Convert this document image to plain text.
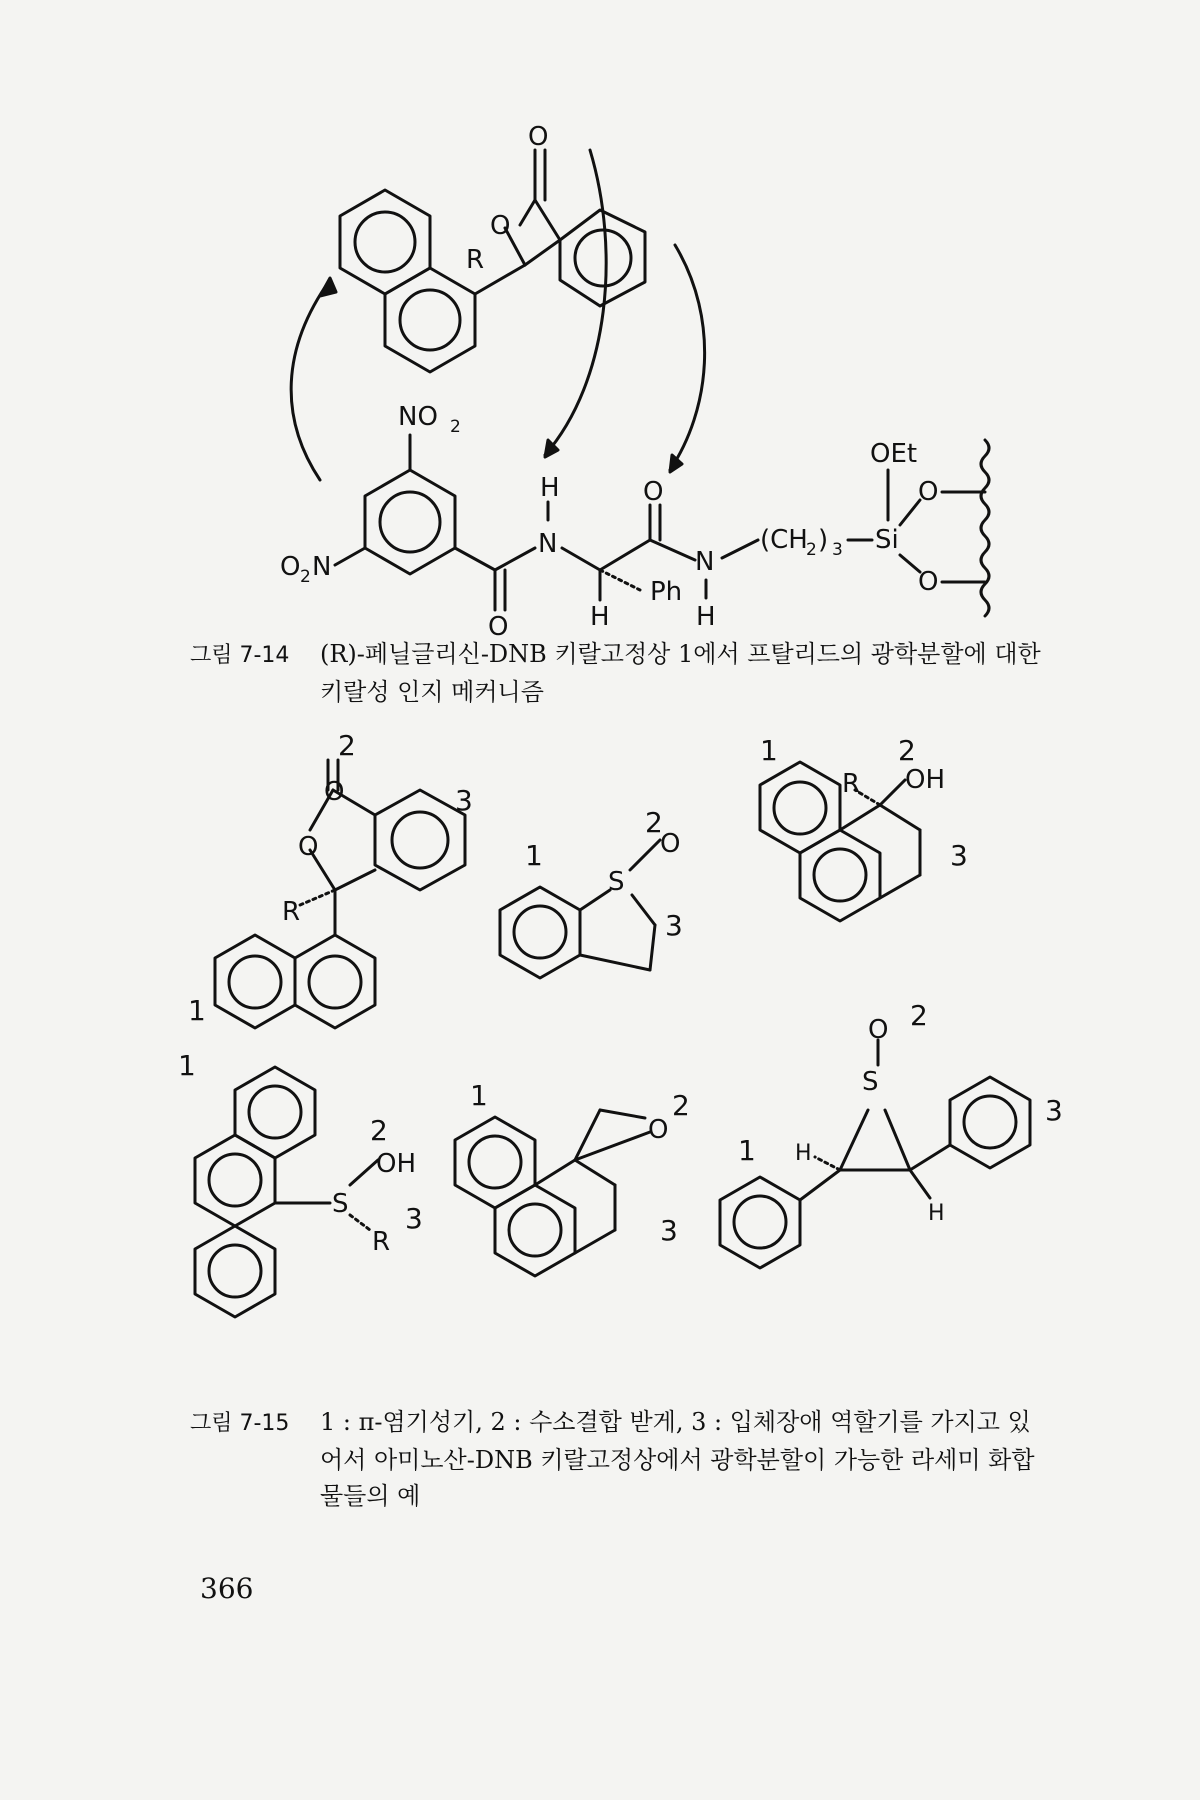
O
O
R
NO 2
O 2 N
O
H
N
H
Ph
O
N
H
(CH
2 ) 3 Si
OEt
O
O
그림 7-14 (R)-페닐글리신-DNB 키랄고정상 1에서 프탈리드의 광학분할에 대한
키랄성 인지 메커니즘
2
O
O
3
R
1
1
2
O
S
3
1	2
R OH
3
1
2
OH
S
R
3
1
O
2
3
2
O
S
3
1 H
H
그림 7-15 1 : π-염기성기, 2 : 수소결합 받게, 3 : 입체장애 역할기를 가지고 있
어서 아미노산-DNB 키랄고정상에서 광학분할이 가능한 라세미 화합
물들의 예
366
